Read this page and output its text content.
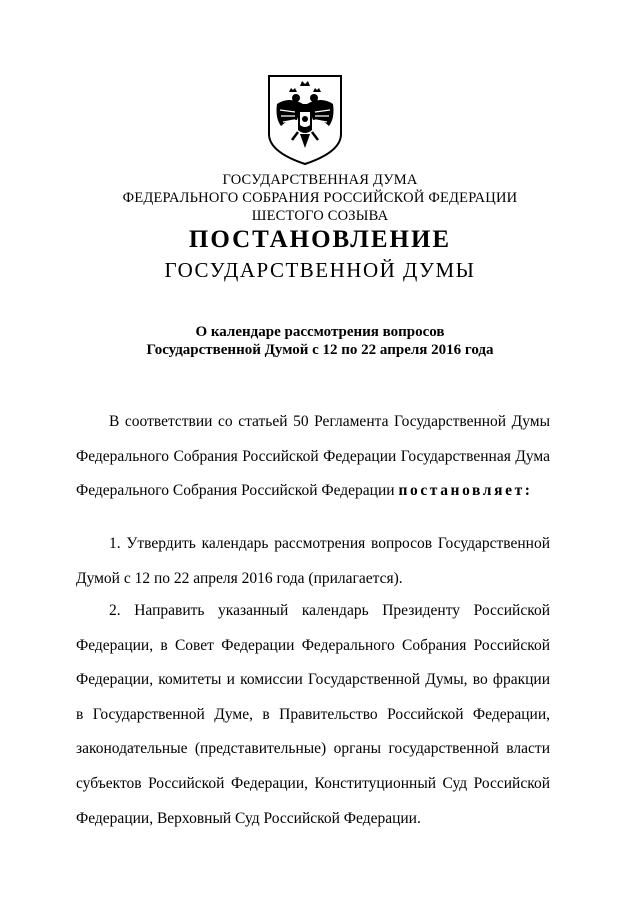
ГОСУДАРСТВЕННАЯ ДУМА
ФЕДЕРАЛЬНОГО СОБРАНИЯ РОССИЙСКОЙ ФЕДЕРАЦИИ
ШЕСТОГО СОЗЫВА
ПОСТАНОВЛЕНИЕ
ГОСУДАРСТВЕННОЙ ДУМЫ
О календаре рассмотрения вопросов
Государственной Думой с 12 по 22 апреля 2016 года
В соответствии со статьей 50 Регламента Государственной Думы Федерального Собрания Российской Федерации Государственная Дума Федерального Собрания Российской Федерации постановляет:
1. Утвердить календарь рассмотрения вопросов Государственной Думой с 12 по 22 апреля 2016 года (прилагается).
2. Направить указанный календарь Президенту Российской Федерации, в Совет Федерации Федерального Собрания Российской Федерации, комитеты и комиссии Государственной Думы, во фракции в Государственной Думе, в Правительство Российской Федерации, законодательные (представительные) органы государственной власти субъектов Российской Федерации, Конституционный Суд Российской Федерации, Верховный Суд Российской Федерации.
